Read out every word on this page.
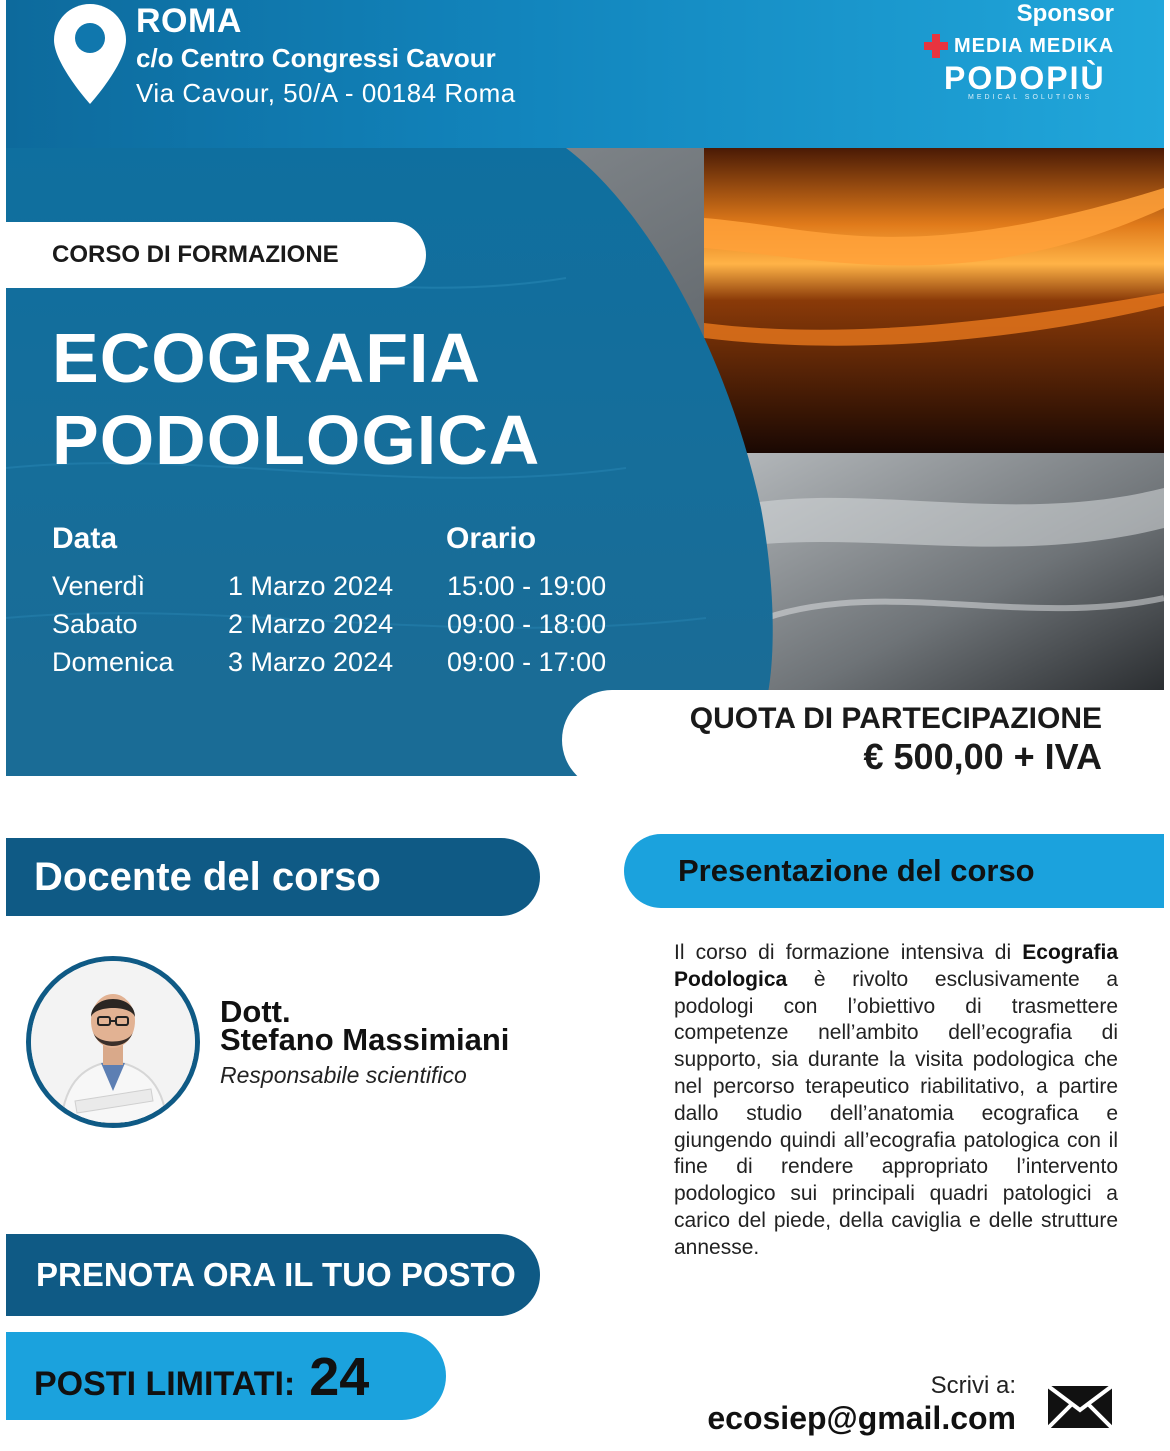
ROMA
c/o Centro Congressi Cavour
Via Cavour, 50/A - 00184 Roma
Sponsor
MEDIA MEDIKA
PODOPIÙ
MEDICAL SOLUTIONS
CORSO DI FORMAZIONE
ECOGRAFIA
PODOLOGICA
Data	Orario
Venerdì	1 Marzo 2024 15:00 - 19:00
Sabato	2 Marzo 2024 09:00 - 18:00
Domenica 3 Marzo 2024 09:00 - 17:00
QUOTA DI PARTECIPAZIONE
€ 500,00 + IVA
Docente del corso
Dott.
Stefano Massimiani
Responsabile scientifico
Presentazione del corso
Il corso di formazione intensiva di Ecografia Podologica è rivolto esclusivamente a podologi con l’obiettivo di trasmettere competenze nell’ambito dell’ecografia di supporto, sia durante la visita podologica che nel percorso terapeutico riabilitativo, a partire dallo studio dell’anatomia ecografica e giungendo quindi all’ecografia patologica con il fine di rendere appropriato l’intervento podologico sui principali quadri patologici a carico del piede, della caviglia e delle strutture annesse.
PRENOTA ORA IL TUO POSTO
POSTI LIMITATI: 24	Scrivi a:
ecosiep@gmail.com
